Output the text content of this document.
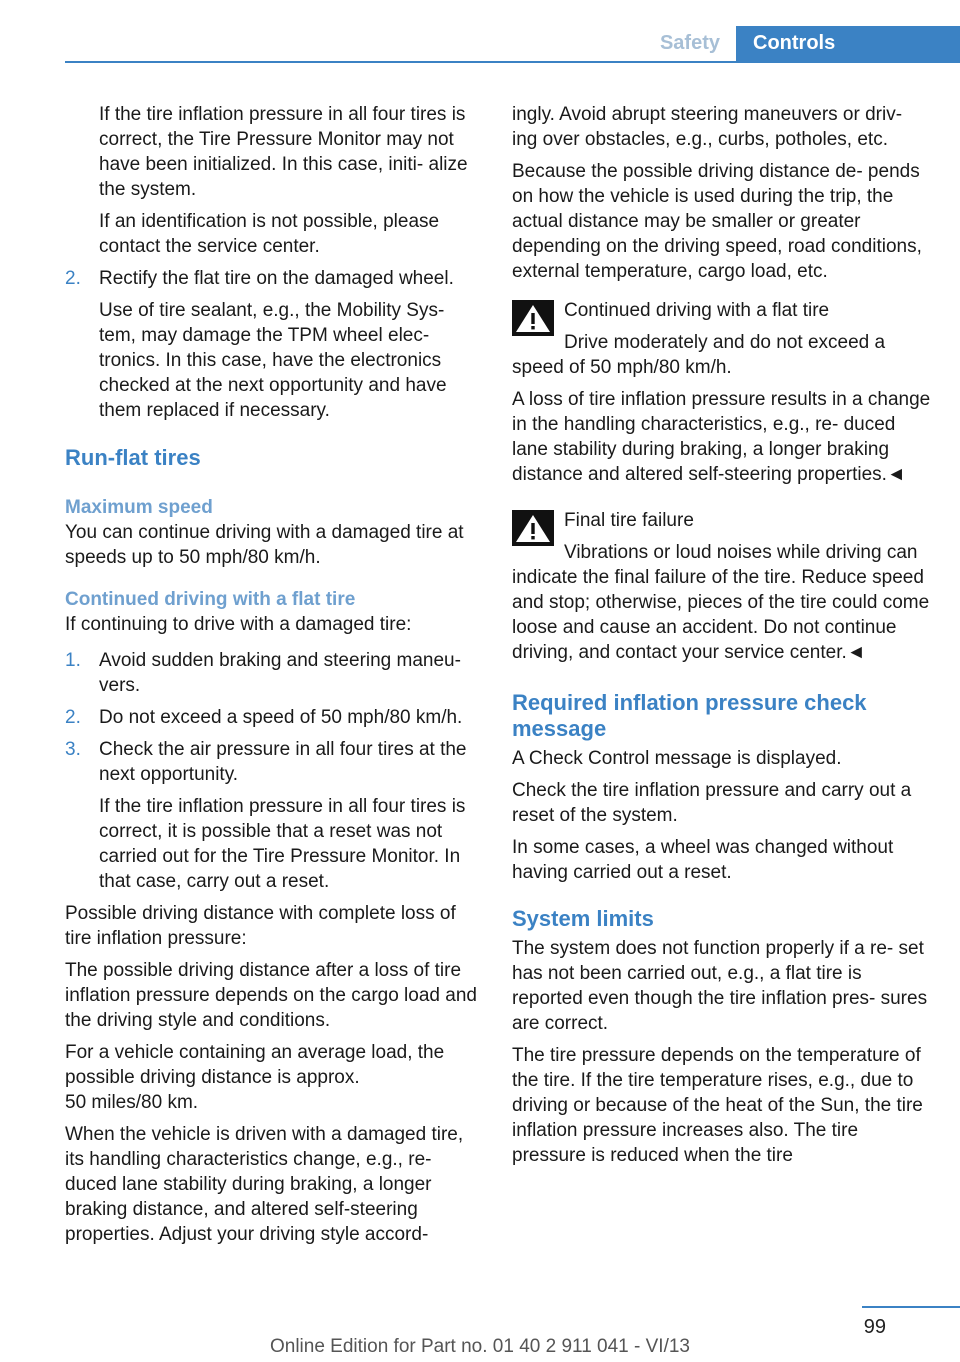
Safety	Controls

If the tire inflation pressure in all four tires is correct, the Tire Pressure Monitor may not have been initialized. In this case, initi‐ alize the system.

If an identification is not possible, please contact the service center.

2. Rectify the flat tire on the damaged wheel.

Use of tire sealant, e.g., the Mobility Sys‐ tem, may damage the TPM wheel elec‐ tronics. In this case, have the electronics checked at the next opportunity and have them replaced if necessary.

Run-flat tires
Maximum speed

You can continue driving with a damaged tire at speeds up to 50 mph/80 km/h.

Continued driving with a flat tire

If continuing to drive with a damaged tire:

1. Avoid sudden braking and steering maneu‐ vers.

2. Do not exceed a speed of 50 mph/80 km/h.

3. Check the air pressure in all four tires at the next opportunity.

If the tire inflation pressure in all four tires is correct, it is possible that a reset was not carried out for the Tire Pressure Monitor. In that case, carry out a reset.

Possible driving distance with complete loss of tire inflation pressure:

The possible driving distance after a loss of tire inflation pressure depends on the cargo load and the driving style and conditions.

For a vehicle containing an average load, the possible driving distance is approx.
50 miles/80 km.

When the vehicle is driven with a damaged tire, its handling characteristics change, e.g., re‐ duced lane stability during braking, a longer braking distance, and altered self-steering properties. Adjust your driving style accord‐

ingly. Avoid abrupt steering maneuvers or driv‐ ing over obstacles, e.g., curbs, potholes, etc.

Because the possible driving distance de‐ pends on how the vehicle is used during the trip, the actual distance may be smaller or greater depending on the driving speed, road conditions, external temperature, cargo load, etc.

Continued driving with a flat tire

Drive moderately and do not exceed a speed of 50 mph/80 km/h.

A loss of tire inflation pressure results in a change in the handling characteristics, e.g., re‐ duced lane stability during braking, a longer braking distance and altered self-steering properties.◄

Final tire failure

Vibrations or loud noises while driving can indicate the final failure of the tire. Reduce speed and stop; otherwise, pieces of the tire could come loose and cause an accident. Do not continue driving, and contact your service center.◄

Required inflation pressure check message

A Check Control message is displayed.

Check the tire inflation pressure and carry out a reset of the system.

In some cases, a wheel was changed without having carried out a reset.

System limits

The system does not function properly if a re‐ set has not been carried out, e.g., a flat tire is reported even though the tire inflation pres‐ sures are correct.

The tire pressure depends on the temperature of the tire. If the tire temperature rises, e.g., due to driving or because of the heat of the Sun, the tire inflation pressure increases also. The tire pressure is reduced when the tire

99
Online Edition for Part no. 01 40 2 911 041 - VI/13
